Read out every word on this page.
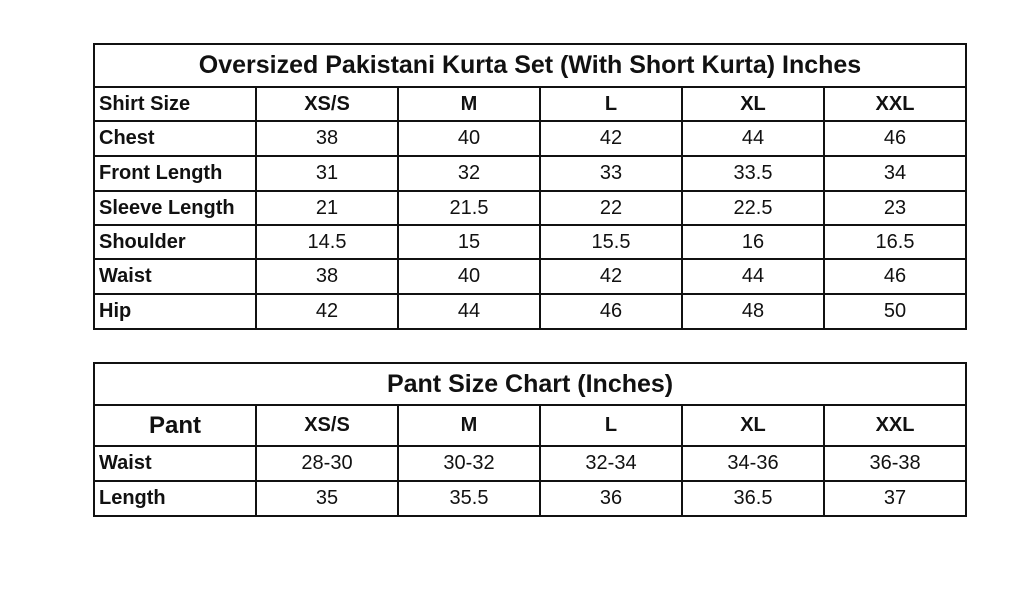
Oversized Pakistani Kurta Set (With Short Kurta) Inches					
Shirt Size	XS/S	M	L	XL	XXL
Chest	38	40	42	44	46
Front Length	31	32	33	33.5	34
Sleeve Length	21	21.5	22	22.5	23
Shoulder	14.5	15	15.5	16	16.5
Waist	38	40	42	44	46
Hip	42	44	46	48	50
Pant Size Chart (Inches)					
Pant	XS/S	M	L	XL	XXL
Waist	28-30	30-32	32-34	34-36	36-38
Length	35	35.5	36	36.5	37
